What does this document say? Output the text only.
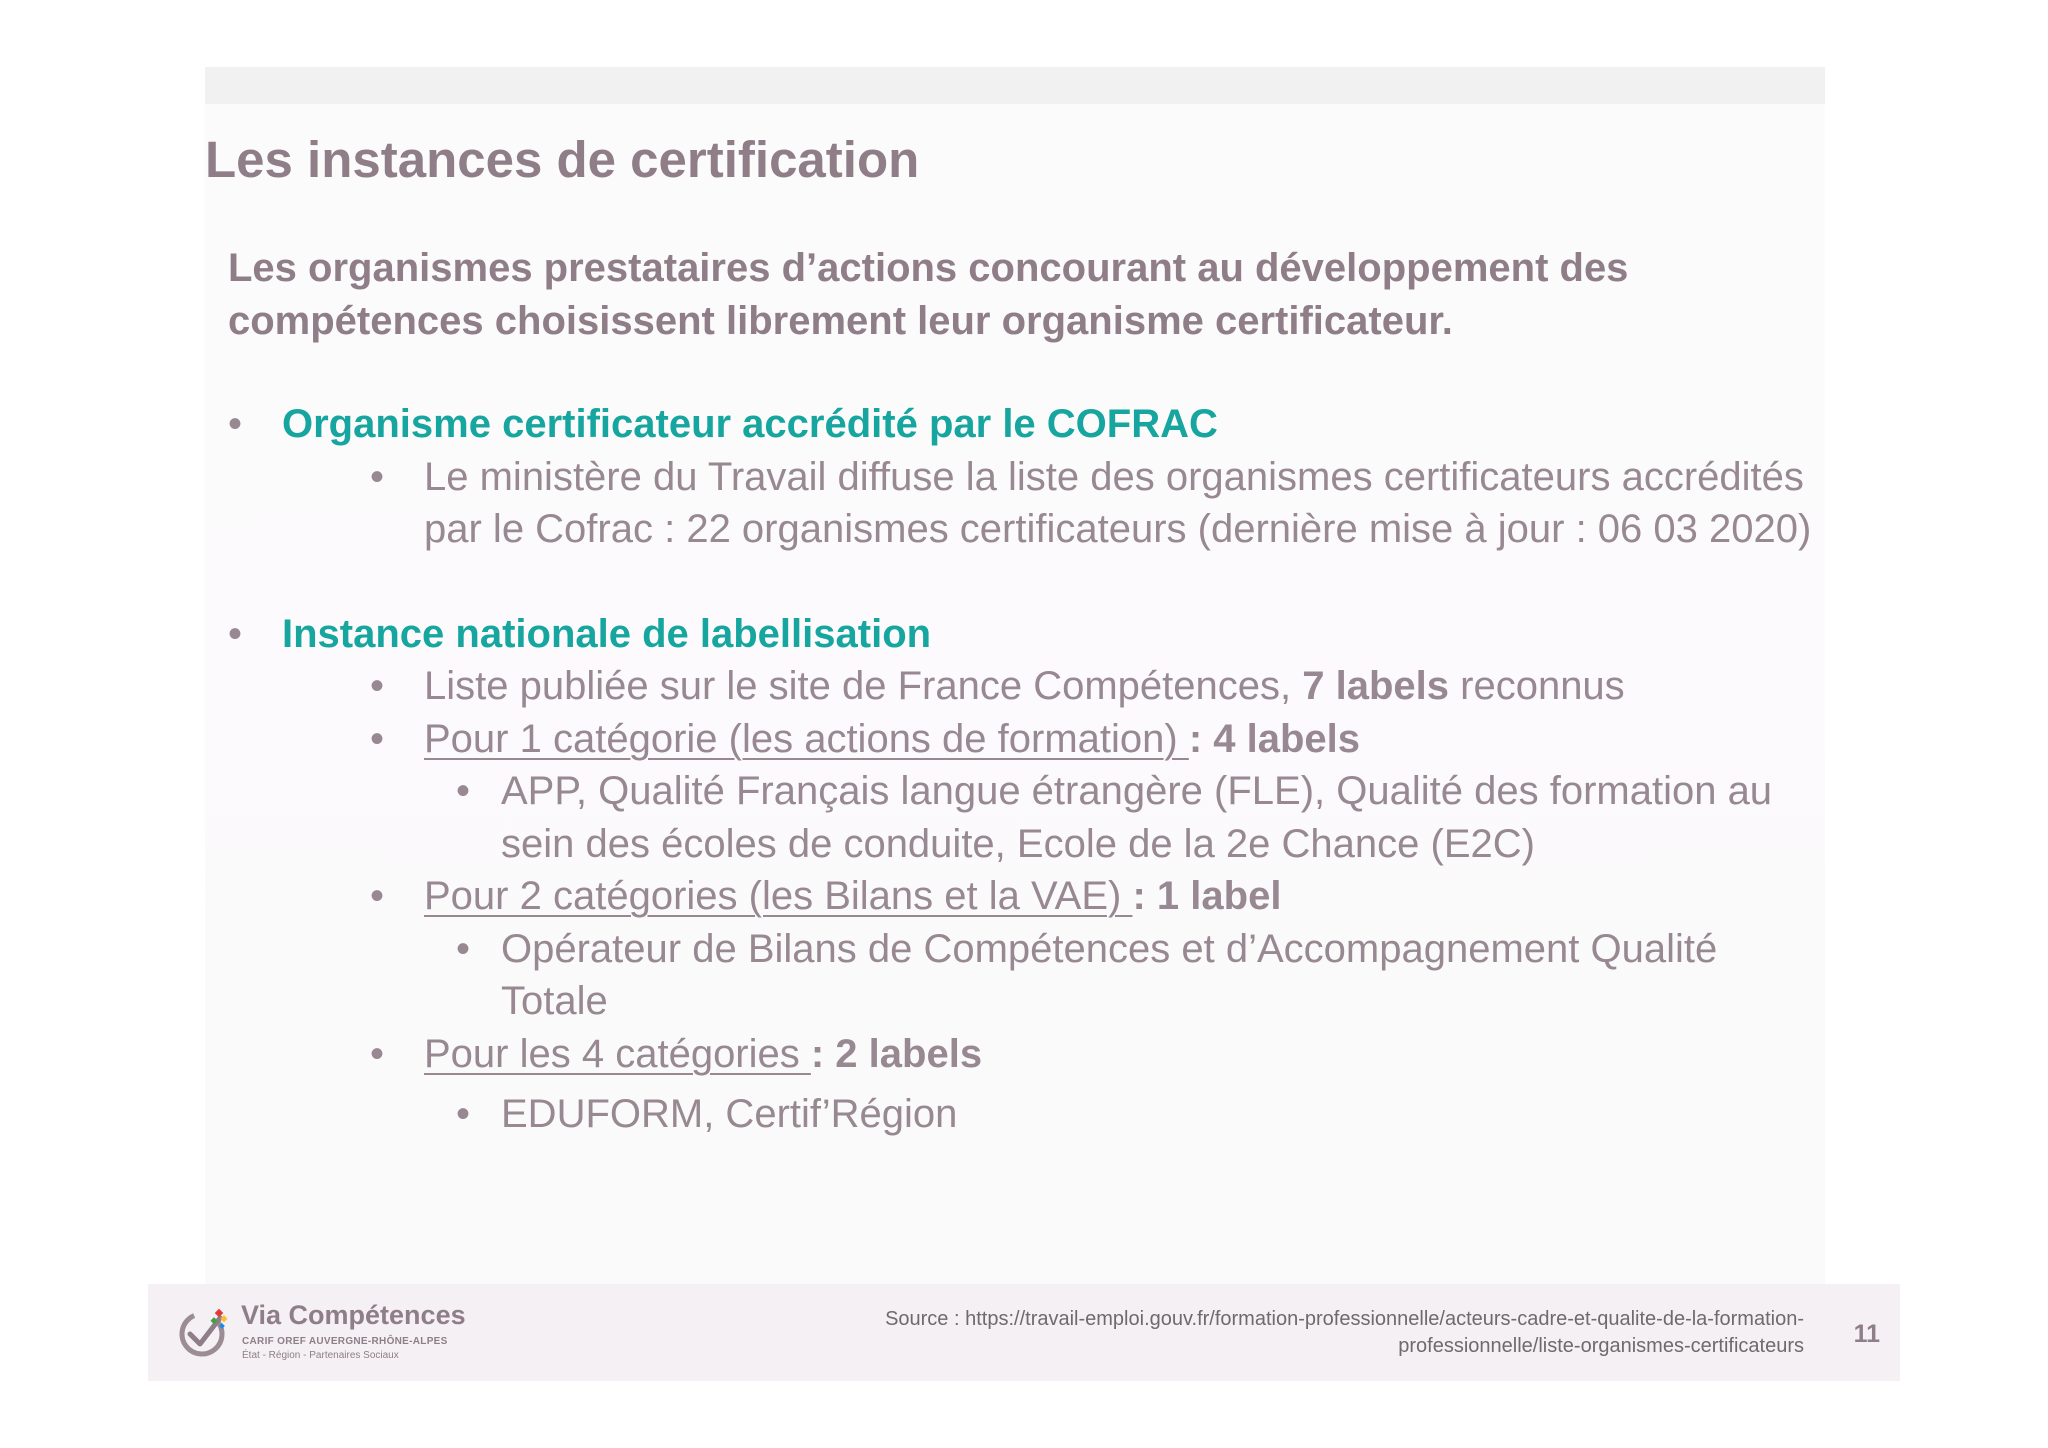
Les instances de certification
Les organismes prestataires d’actions concourant au développement des compétences choisissent librement leur organisme certificateur.
• Organisme certificateur accrédité par le COFRAC
• Le ministère du Travail diffuse la liste des organismes certificateurs accrédités par le Cofrac : 22 organismes certificateurs (dernière mise à jour : 06 03 2020)
• Instance nationale de labellisation
• Liste publiée sur le site de France Compétences, 7 labels reconnus
• Pour 1 catégorie (les actions de formation) : 4 labels
• APP, Qualité Français langue étrangère (FLE), Qualité des formation au sein des écoles de conduite, Ecole de la 2e Chance (E2C)
• Pour 2 catégories (les Bilans et la VAE) : 1 label
• Opérateur de Bilans de Compétences et d’Accompagnement Qualité Totale
• Pour les 4 catégories : 2 labels
• EDUFORM, Certif’Région
Via Compétences
CARIF OREF AUVERGNE-RHÔNE-ALPES
État - Région - Partenaires Sociaux
Source : https://travail-emploi.gouv.fr/formation-professionnelle/acteurs-cadre-et-qualite-de-la-formation-
professionnelle/liste-organismes-certificateurs 11
